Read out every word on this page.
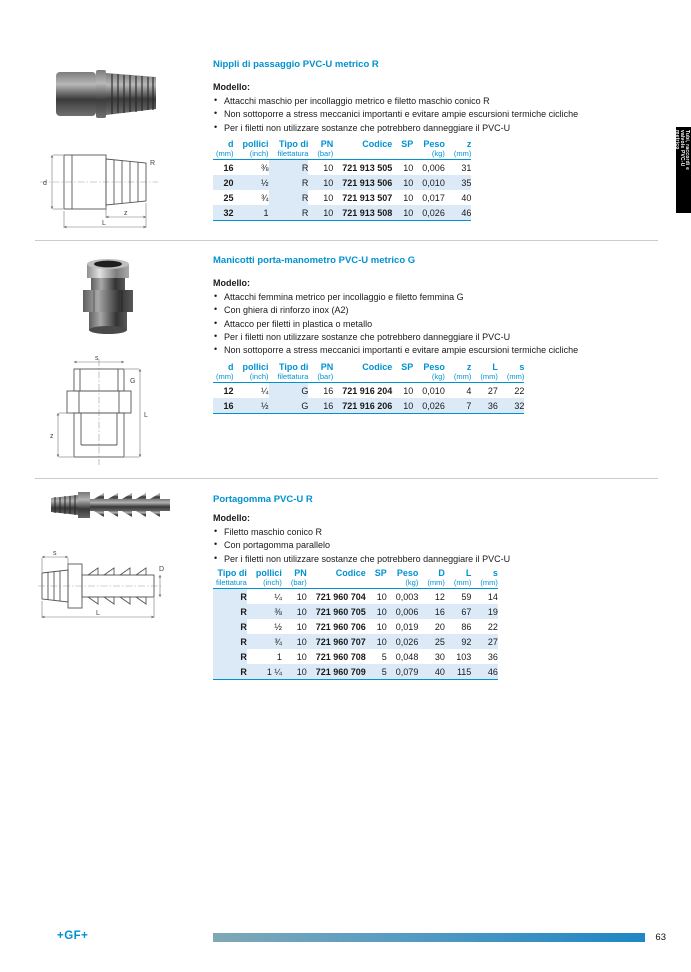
Nippli di passaggio PVC-U metrico R
Modello:
• Attacchi maschio per incollaggio metrico e filetto maschio conico R
• Non sottoporre a stress meccanici importanti e evitare ampie escursioni termiche cicliche
• Per i filetti non utilizzare sostanze che potrebbero danneggiare il PVC-U
d
R
z
L
d
(mm)

pollici
(inch)

Tipo di
filettatura

PN
(bar)

Codice	SP	Peso
(kg)

z
(mm)

16	⅜	R	10	721 913 505	10	0,006	31
20	½	R	10	721 913 506	10	0,010	35
25	¾	R	10	721 913 507	10	0,017	40
32	1	R	10	721 913 508	10	0,026	46
Manicotti porta-manometro PVC-U metrico G
Modello:
• Attacchi femmina metrico per incollaggio e filetto femmina G
• Con ghiera di rinforzo inox (A2)
• Attacco per filetti in plastica o metallo
• Per i filetti non utilizzare sostanze che potrebbero danneggiare il PVC-U
• Non sottoporre a stress meccanici importanti e evitare ampie escursioni termiche cicliche
s
G
z
L
d
(mm)

pollici
(inch)

Tipo di
filettatura

PN
(bar)

Codice	SP	Peso
(kg)

z
(mm)

L
(mm)

s
(mm)

12	¼	G	16	721 916 204	10	0,010	4	27	22
16	½	G	16	721 916 206	10	0,026	7	36	32
Portagomma PVC-U R
Modello:
• Filetto maschio conico R
• Con portagomma parallelo
• Per i filetti non utilizzare sostanze che potrebbero danneggiare il PVC-U
s
D
L
Tipo di
filettatura

pollici
(inch)

PN
(bar)

Codice	SP	Peso
(kg)

D
(mm)

L
(mm)

s
(mm)

R	¼	10	721 960 704	10	0,003	12	59	14
R	⅜	10	721 960 705	10	0,006	16	67	19
R	½	10	721 960 706	10	0,019	20	86	22
R	¾	10	721 960 707	10	0,026	25	92	27
R	1	10	721 960 708	5	0,048	30	103	36
R	1 ¼	10	721 960 709	5	0,079	40	115	46
Tubi, raccordi e
valvole PVC-U
metrico
+GF+	63
